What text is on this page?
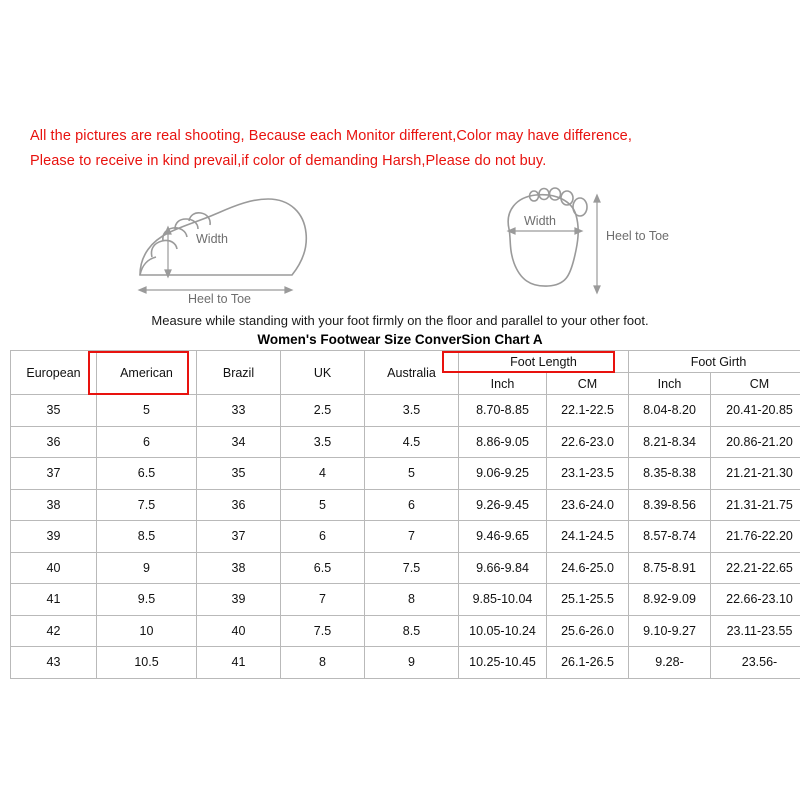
All the pictures are real shooting, Because each Monitor different,Color may have difference,
Please to receive in kind prevail,if color of demanding Harsh,Please do not buy.
Width
Heel to Toe
Width
Heel to Toe
Measure while standing with your foot firmly on the floor and parallel to your other foot.
Women's Footwear Size ConverSion Chart A
European	American	Brazil	UK	Australia	Foot Length		Foot Girth	
					Inch	CM	Inch	CM
35	5	33	2.5	3.5	8.70-8.85	22.1-22.5	8.04-8.20	20.41-20.85
36	6	34	3.5	4.5	8.86-9.05	22.6-23.0	8.21-8.34	20.86-21.20
37	6.5	35	4	5	9.06-9.25	23.1-23.5	8.35-8.38	21.21-21.30
38	7.5	36	5	6	9.26-9.45	23.6-24.0	8.39-8.56	21.31-21.75
39	8.5	37	6	7	9.46-9.65	24.1-24.5	8.57-8.74	21.76-22.20
40	9	38	6.5	7.5	9.66-9.84	24.6-25.0	8.75-8.91	22.21-22.65
41	9.5	39	7	8	9.85-10.04	25.1-25.5	8.92-9.09	22.66-23.10
42	10	40	7.5	8.5	10.05-10.24	25.6-26.0	9.10-9.27	23.11-23.55
43	10.5	41	8	9	10.25-10.45	26.1-26.5	9.28-	23.56-
